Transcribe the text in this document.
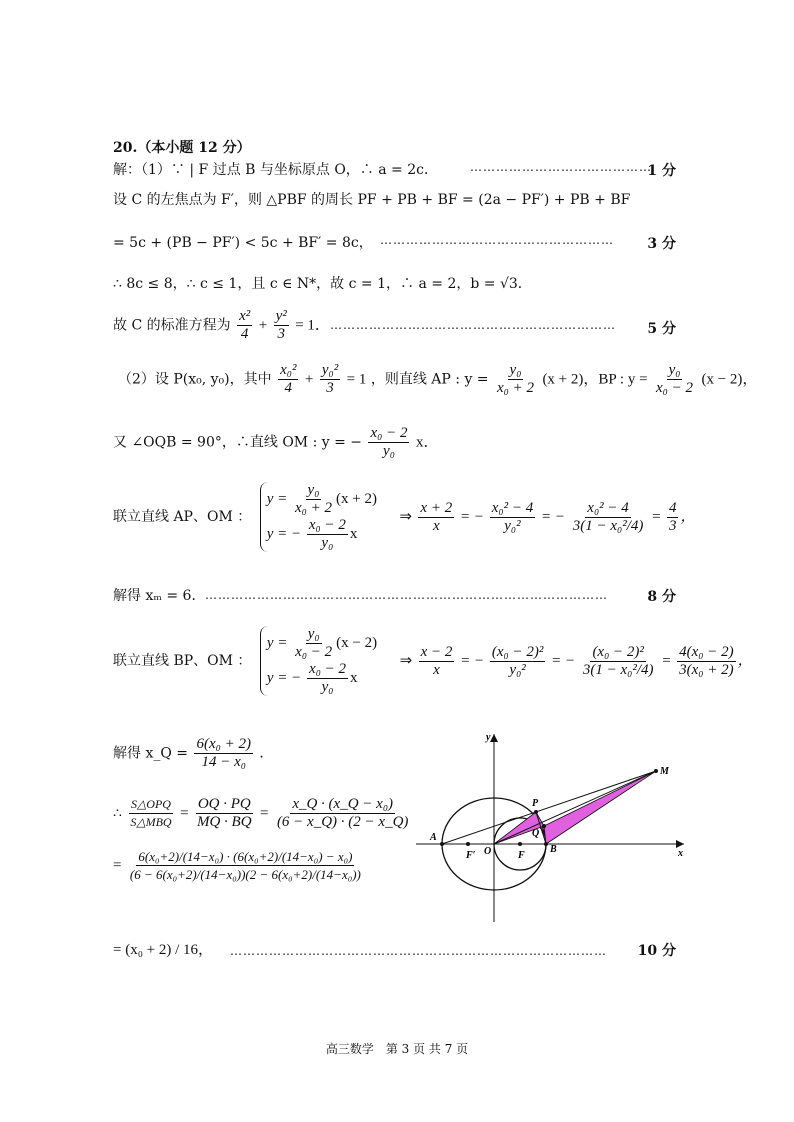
20.（本小题 12 分）
解：（1）∵ | F 过点 B 与坐标原点 O，∴ a = 2c．	1 分
……………………………………
设 C 的左焦点为 F′，则 △PBF 的周长 PF + PB + BF = (2a − PF′) + PB + BF
= 5c + (PB − PF′) < 5c + BF′ = 8c， ……………………………………………… 3 分
∴ 8c ≤ 8，∴ c ≤ 1，且 c ∈ N*，故 c = 1，∴ a = 2，b = √3．
故 C 的标准方程为 $\frac{\text{x²}}{4} + \frac{\text{y²}}{3} = 1$． ………………………………………………………… 5 分
（2）设 P(x₀, y₀)，其中 $\frac{\text{x₀²}}{4} + \frac{\text{y₀²}}{3} = 1$ ，则直线 AP : $y = \frac{\text{y₀}}{\text{x₀ + 2}} (x + 2)$，BP : $y = \frac{\text{y₀}}{\text{x₀ − 2}} (x - 2)$，
又 ∠OQB = 90°，∴直线 OM : y = − $\frac{\text{x₀ − 2}}{\text{y₀}}$ x．
联立直线 AP、OM ：
$y = \frac{\text{y₀}}{\text{x₀ + 2}} (x + 2)$
y = − $\frac{\text{x₀ − 2}}{\text{y₀}}$ x
⇒ $\frac{x + 2}{x}$ = − $\frac{\text{x₀² − 4}}{\text{y₀²}}$ = − $\frac{\text{x₀² − 4}}{\text{3(1 − x₀²/4)}} = \frac{4}{3}$ ，
解得 xₘ = 6． …………………………………………………………………………………	8 分
联立直线 BP、OM ：
$y = \frac{\text{y₀}}{\text{x₀ − 2}} (x - 2)$
y = − $\frac{\text{x₀ − 2}}{\text{y₀}}$ x
⇒ $\frac{x - 2}{x}$ = − $\frac{\text{(x₀ − 2)²}}{\text{y₀²}}$ = − $\frac{\text{(x₀ − 2)²}}{\text{3(1 − x₀²/4)}} = \frac{\text{4(x₀ − 2)}}{\text{3(x₀ + 2)}}$ ，
解得 x_Q = $\frac{\text{6(x₀ + 2)}}{\text{14 − x₀}}$ ．
∴ $\frac{\text{S△OPQ}}{\text{S△MBQ}} = \frac{OQ \cdot PQ}{MQ \cdot BQ} = \frac{\text{x\_Q · (x\_Q − x₀)}}{(6 - x\_Q) \cdot (2 - x\_Q)}$
= $\frac{\text{6(x₀+2)/(14−x₀) · (6(x₀+2)/(14−x₀) − x₀)}}{\text{(6 − 6(x₀+2)/(14−x₀))(2 − 6(x₀+2)/(14−x₀))}}$
= (x₀ + 2) / 16， …………………………………………………………………………… 10 分
y
x
A
F′ O	F
B
P
Q
M
高三数学　第 3 页 共 7 页
